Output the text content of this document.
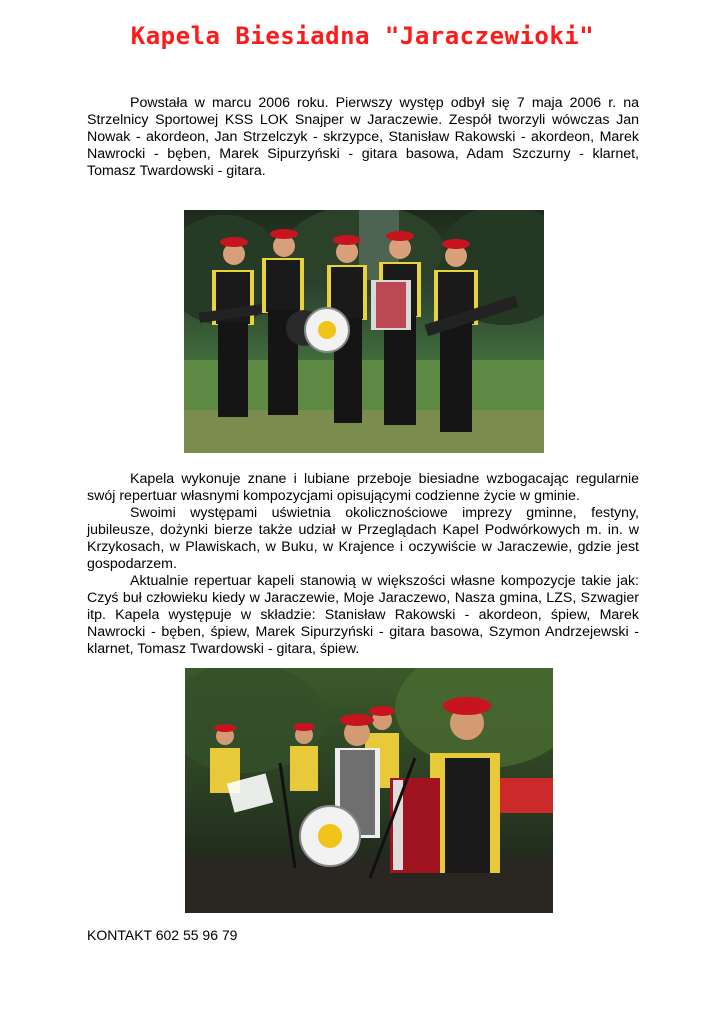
Kapela Biesiadna "Jaraczewioki"

Powstała w marcu 2006 roku. Pierwszy występ odbył się 7 maja 2006 r. na Strzelnicy Sportowej KSS LOK Snajper w Jaraczewie. Zespół tworzyli wówczas Jan Nowak - akordeon, Jan Strzelczyk - skrzypce, Stanisław Rakowski - akordeon, Marek Nawrocki - bęben, Marek Sipurzyński - gitara basowa, Adam Szczurny - klarnet, Tomasz Twardowski - gitara.

Kapela wykonuje znane i lubiane przeboje biesiadne wzbogacając regularnie swój repertuar własnymi kompozycjami opisującymi codzienne życie w gminie.

Swoimi występami uświetnia okolicznościowe imprezy gminne, festyny, jubileusze, dożynki bierze także udział w Przeglądach Kapel Podwórkowych m. in. w Krzykosach, w Plawiskach, w Buku, w Krajence i oczywiście w Jaraczewie, gdzie jest gospodarzem.

Aktualnie repertuar kapeli stanowią w większości własne kompozycje takie jak: Czyś buł człowieku kiedy w Jaraczewie, Moje Jaraczewo, Nasza gmina, LZS, Szwagier itp. Kapela występuje w składzie: Stanisław Rakowski - akordeon, śpiew, Marek Nawrocki - bęben, śpiew, Marek Sipurzyński - gitara basowa, Szymon Andrzejewski - klarnet, Tomasz Twardowski - gitara, śpiew.

KONTAKT 602 55 96 79
